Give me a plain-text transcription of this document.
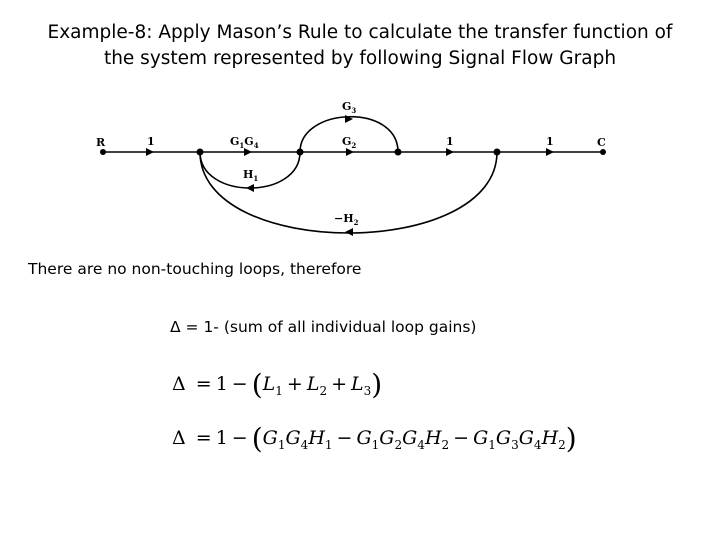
Example-8: Apply Mason’s Rule to calculate the transfer function of
the system represented by following Signal Flow Graph
R	C
1	$G_1G_4$
$G_3$
$G_2$	1	1
$H_1$
$-H_2$
There are no non-touching loops, therefore
Δ = 1- (sum of all individual loop gains)
$\Delta = 1 - (L_1 + L_2 + L_3)$
$\Delta = 1 - (G_1G_4H_1 - G_1G_2G_4H_2 - G_1G_3G_4H_2)$
